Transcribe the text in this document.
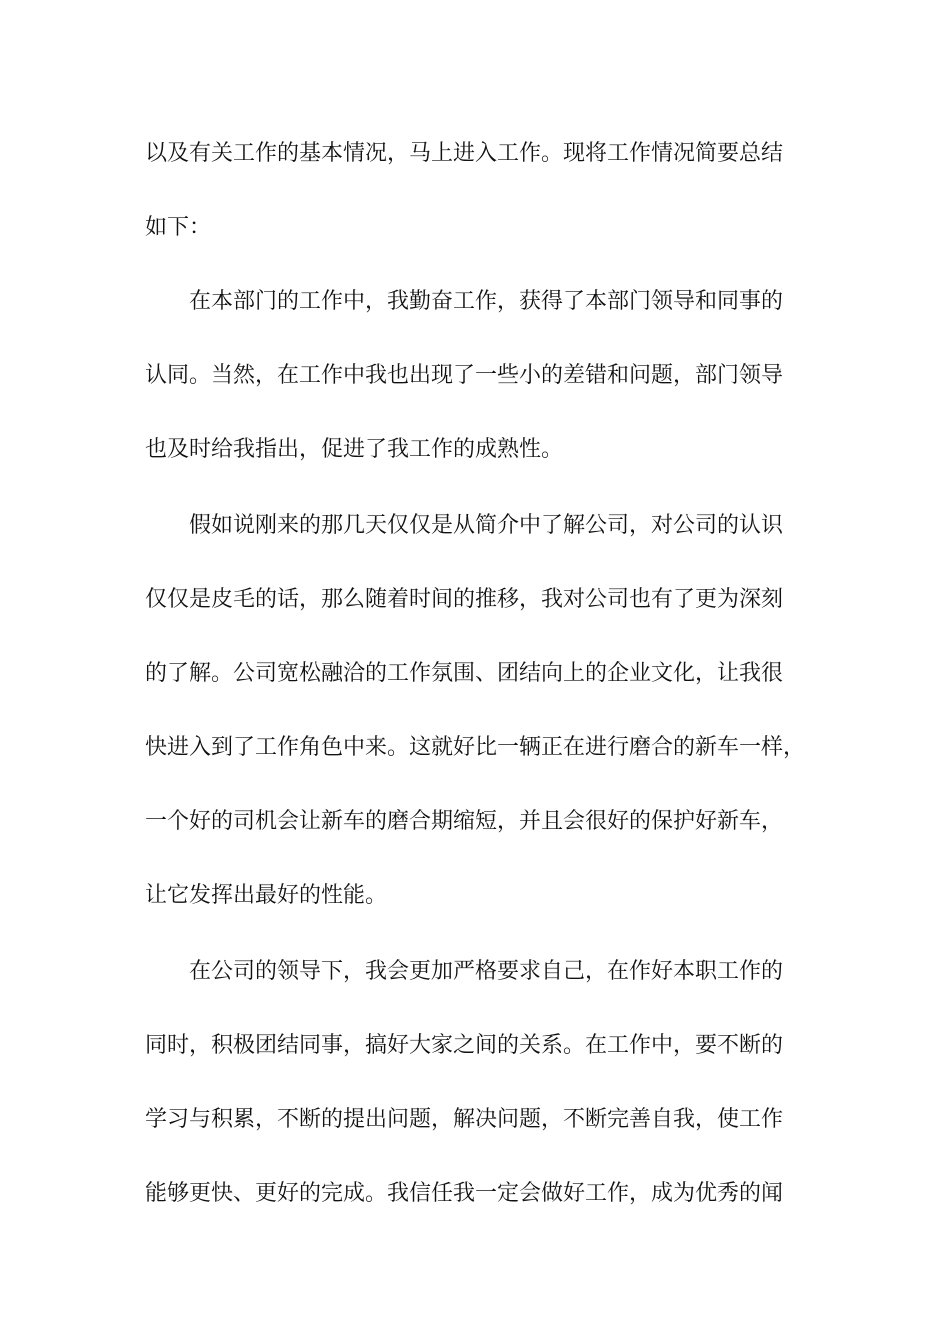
以及有关工作的基本情况，马上进入工作。现将工作情况简要总结
如下：
在本部门的工作中，我勤奋工作，获得了本部门领导和同事的
认同。当然，在工作中我也出现了一些小的差错和问题，部门领导
也及时给我指出，促进了我工作的成熟性。
假如说刚来的那几天仅仅是从简介中了解公司，对公司的认识
仅仅是皮毛的话，那么随着时间的推移，我对公司也有了更为深刻
的了解。公司宽松融洽的工作氛围、团结向上的企业文化，让我很
快进入到了工作角色中来。这就好比一辆正在进行磨合的新车一样，
一个好的司机会让新车的磨合期缩短，并且会很好的保护好新车，
让它发挥出最好的性能。
在公司的领导下，我会更加严格要求自己，在作好本职工作的
同时，积极团结同事，搞好大家之间的关系。在工作中，要不断的
学习与积累，不断的提出问题，解决问题，不断完善自我，使工作
能够更快、更好的完成。我信任我一定会做好工作，成为优秀的闻
